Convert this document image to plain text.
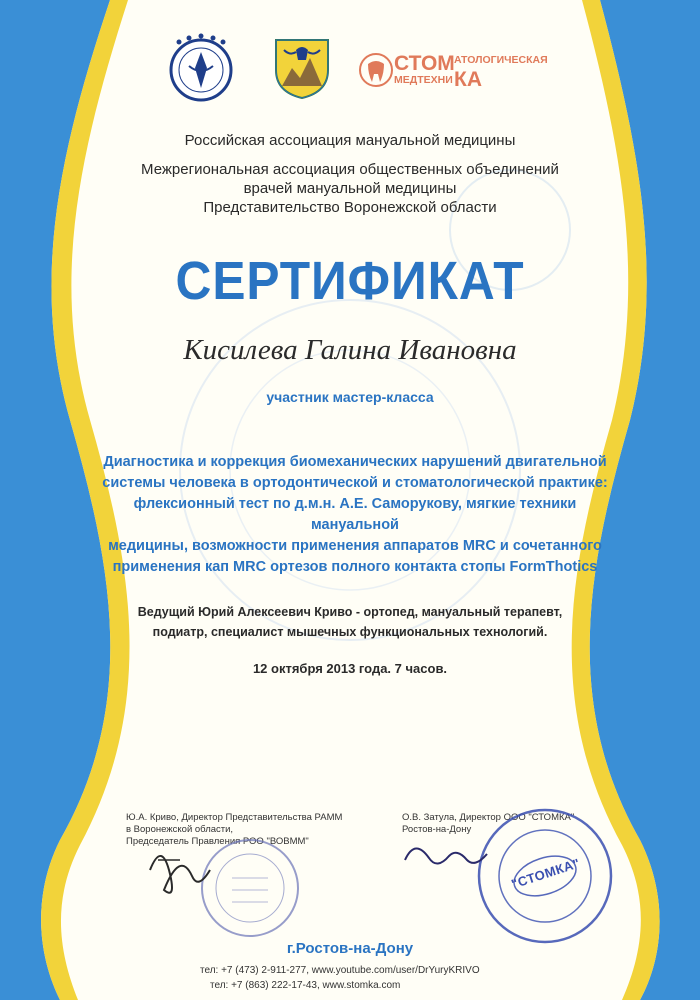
СТОМ АТОЛОГИЧЕСКАЯ
МЕДТЕХНИ КА
Российская ассоциация мануальной медицины
Межрегиональная ассоциация общественных объединений
врачей мануальной медицины
Представительство Воронежской области
СЕРТИФИКАТ
Кисилева Галина Ивановна
участник мастер-класса
Диагностика и коррекция биомеханических нарушений двигательной
системы человека в ортодонтической и стоматологической практике:
флексионный тест по д.м.н. А.Е. Саморукову, мягкие техники мануальной
медицины, возможности применения аппаратов MRC и сочетанного
применения кап MRC ортезов полного контакта стопы FormThotics
Ведущий Юрий Алексеевич Криво - ортопед, мануальный терапевт,
подиатр, специалист мышечных функциональных технологий.
12 октября 2013 года. 7 часов.
Ю.А. Криво, Директор Представительства РАММ
в Воронежской области,
Председатель Правления РОО "ВОВММ"
О.В. Затула, Директор ООО "СТОМКА"
Ростов-на-Дону
"СТОМКА"
г.Ростов-на-Дону
тел: +7 (473) 2-911-277, www.youtube.com/user/DrYuryKRIVO
тел: +7 (863) 222-17-43, www.stomka.com
